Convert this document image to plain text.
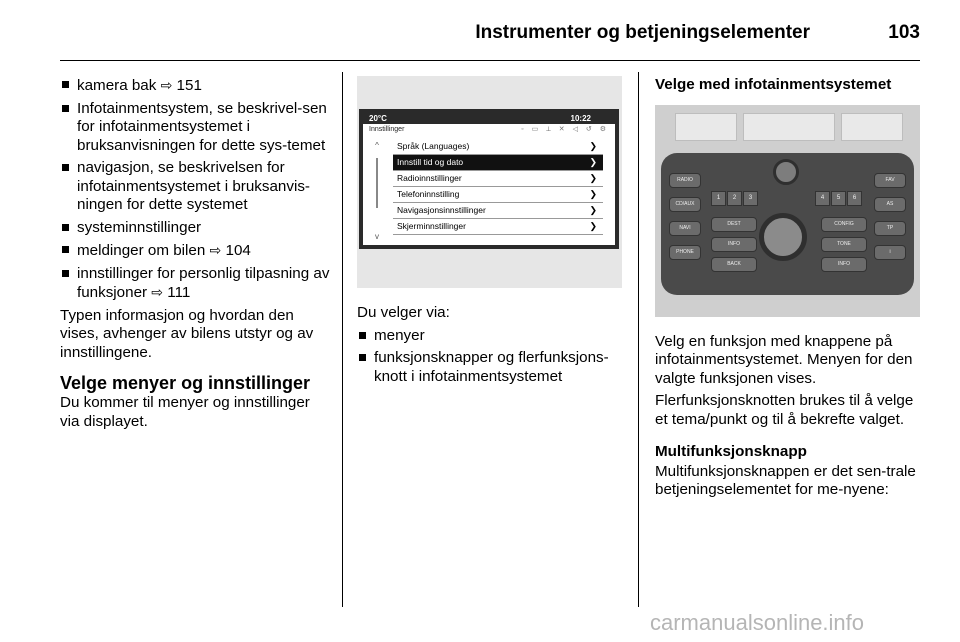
Instrumenter og betjeningselementer	103
kamera bak ⇨ 151
Infotainmentsystem, se beskrivel-sen for infotainmentsystemet i bruksanvisningen for dette sys-temet
navigasjon, se beskrivelsen for infotainmentsystemet i bruksanvis-ningen for dette systemet
systeminnstillinger
meldinger om bilen ⇨ 104
innstillinger for personlig tilpasning av funksjoner ⇨ 111

Typen informasjon og hvordan den vises, avhenger av bilens utstyr og av innstillingene.

Velge menyer og innstillinger

Du kommer til menyer og innstillinger via displayet.

20°C	10:22
Innstillinger	◦ ▭ ⟂ ✕ ◁ ↺ ⚙
^
v
Språk (Languages)	❯
Innstill tid og dato	❯
Radioinnstillinger	❯
Telefoninnstilling	❯
Navigasjonsinnstillinger	❯
Skjerminnstillinger	❯

Du velger via:

menyer
funksjonsknapper og flerfunksjons-knott i infotainmentsystemet
Velge med infotainmentsystemet
RADIO
CD/AUX
NAVI
PHONE
FAV
AS
TP
i
1	2	3	4	5	6
DEST
INFO
BACK
CONFIG
TONE
INFO

Velg en funksjon med knappene på infotainmentsystemet. Menyen for den valgte funksjonen vises.

Flerfunksjonsknotten brukes til å velge et tema/punkt og til å bekrefte valget.

Multifunksjonsknapp

Multifunksjonsknappen er det sen-trale betjeningselementet for me-nyene:

carmanualsonline.info
